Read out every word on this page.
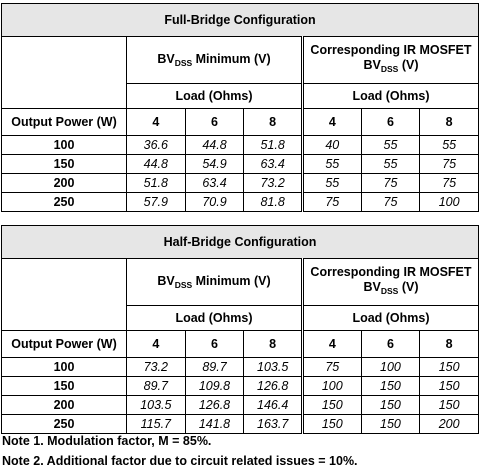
Full-Bridge Configuration						
	$BV_{DSS}$ Minimum (V)			Corresponding IR MOSFET
$BV_{DSS}$ (V)		

	Load (Ohms)			Load (Ohms)		
Output Power (W)	4	6	8	4	6	8
100	36.6	44.8	51.8	40	55	55
150	44.8	54.9	63.4	55	55	75
200	51.8	63.4	73.2	55	75	75
250	57.9	70.9	81.8	75	75	100
Half-Bridge Configuration						
	$BV_{DSS}$ Minimum (V)			Corresponding IR MOSFET
$BV_{DSS}$ (V)		

	Load (Ohms)			Load (Ohms)		
Output Power (W)	4	6	8	4	6	8
100	73.2	89.7	103.5	75	100	150
150	89.7	109.8	126.8	100	150	150
200	103.5	126.8	146.4	150	150	150
250	115.7	141.8	163.7	150	150	200
Note 1. Modulation factor, M = 85%.
Note 2. Additional factor due to circuit related issues = 10%.
